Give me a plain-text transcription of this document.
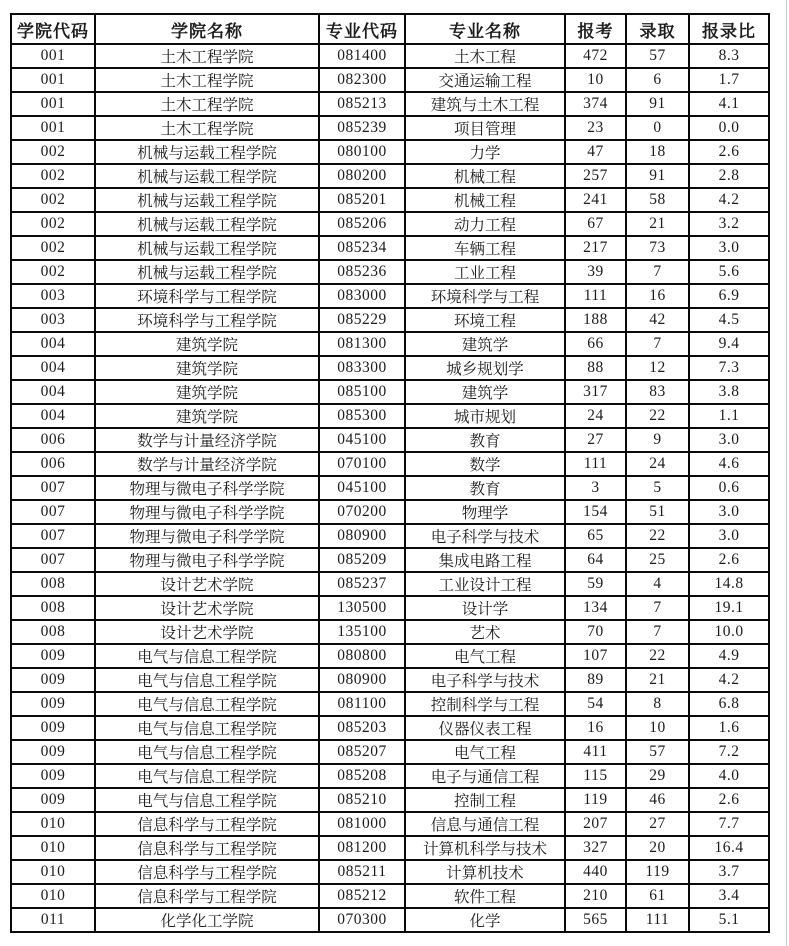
学院代码	学院名称	专业代码	专业名称	报考	录取	报录比
001	土木工程学院	081400	土木工程	472	57	8.3
001	土木工程学院	082300	交通运输工程	10	6	1.7
001	土木工程学院	085213	建筑与土木工程	374	91	4.1
001	土木工程学院	085239	项目管理	23	0	0.0
002	机械与运载工程学院	080100	力学	47	18	2.6
002	机械与运载工程学院	080200	机械工程	257	91	2.8
002	机械与运载工程学院	085201	机械工程	241	58	4.2
002	机械与运载工程学院	085206	动力工程	67	21	3.2
002	机械与运载工程学院	085234	车辆工程	217	73	3.0
002	机械与运载工程学院	085236	工业工程	39	7	5.6
003	环境科学与工程学院	083000	环境科学与工程	111	16	6.9
003	环境科学与工程学院	085229	环境工程	188	42	4.5
004	建筑学院	081300	建筑学	66	7	9.4
004	建筑学院	083300	城乡规划学	88	12	7.3
004	建筑学院	085100	建筑学	317	83	3.8
004	建筑学院	085300	城市规划	24	22	1.1
006	数学与计量经济学院	045100	教育	27	9	3.0
006	数学与计量经济学院	070100	数学	111	24	4.6
007	物理与微电子科学学院	045100	教育	3	5	0.6
007	物理与微电子科学学院	070200	物理学	154	51	3.0
007	物理与微电子科学学院	080900	电子科学与技术	65	22	3.0
007	物理与微电子科学学院	085209	集成电路工程	64	25	2.6
008	设计艺术学院	085237	工业设计工程	59	4	14.8
008	设计艺术学院	130500	设计学	134	7	19.1
008	设计艺术学院	135100	艺术	70	7	10.0
009	电气与信息工程学院	080800	电气工程	107	22	4.9
009	电气与信息工程学院	080900	电子科学与技术	89	21	4.2
009	电气与信息工程学院	081100	控制科学与工程	54	8	6.8
009	电气与信息工程学院	085203	仪器仪表工程	16	10	1.6
009	电气与信息工程学院	085207	电气工程	411	57	7.2
009	电气与信息工程学院	085208	电子与通信工程	115	29	4.0
009	电气与信息工程学院	085210	控制工程	119	46	2.6
010	信息科学与工程学院	081000	信息与通信工程	207	27	7.7
010	信息科学与工程学院	081200	计算机科学与技术	327	20	16.4
010	信息科学与工程学院	085211	计算机技术	440	119	3.7
010	信息科学与工程学院	085212	软件工程	210	61	3.4
011	化学化工学院	070300	化学	565	111	5.1
